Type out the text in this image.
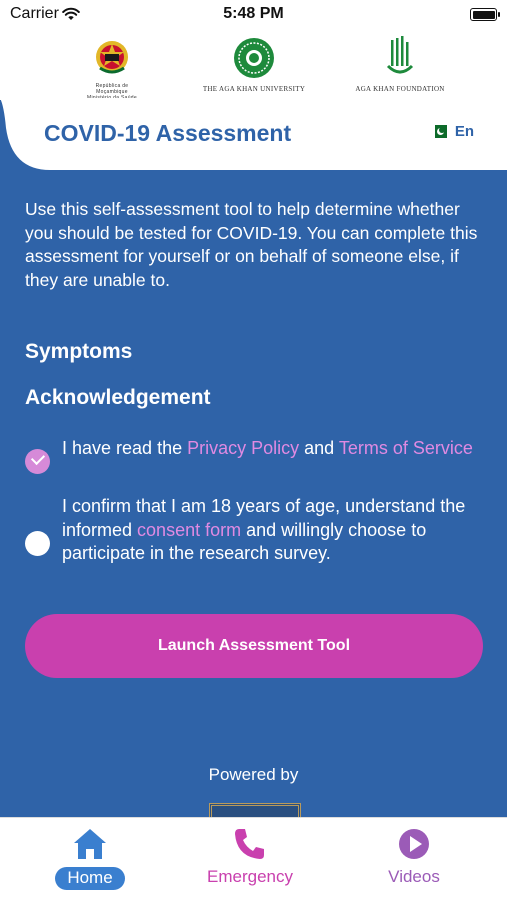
Carrier	5:48 PM
República de Moçambique	THE AGA KHAN UNIVERSITY	AGA KHAN FOUNDATION
COVID-19 Assessment	En

Use this self-assessment tool to help determine whether you should be tested for COVID-19. You can complete this assessment for yourself or on behalf of someone else, if they are unable to.

Symptoms
Acknowledgement
I have read the Privacy Policy and Terms of Service
I confirm that I am 18 years of age, understand the informed consent form and willingly choose to participate in the research survey.
Launch Assessment Tool
Powered by
Home	Emergency	Videos
